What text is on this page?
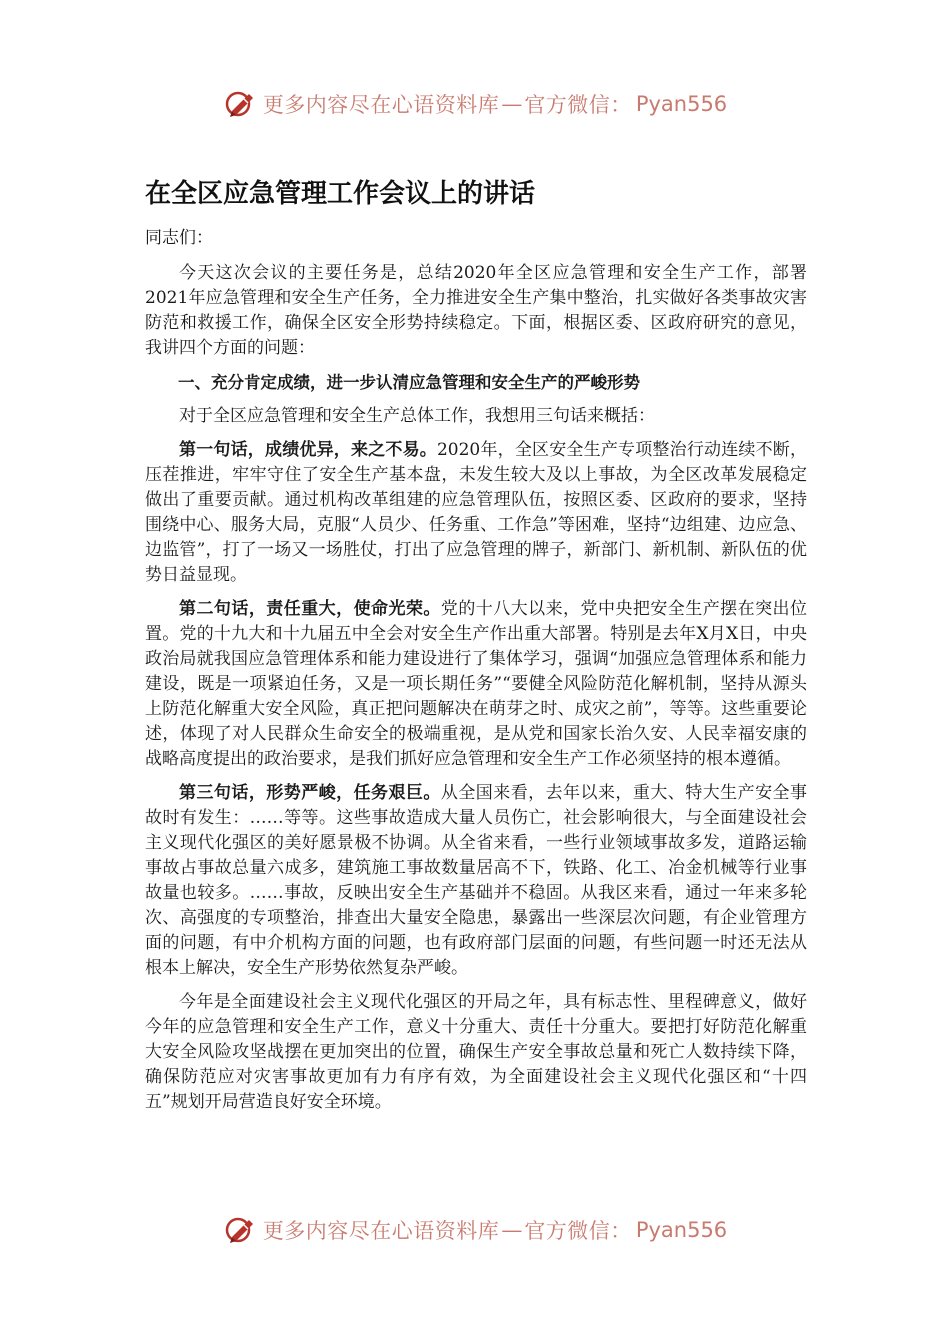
更多内容尽在心语资料库 — 官方微信： Pyan556
在全区应急管理工作会议上的讲话

同志们：

今天这次会议的主要任务是，总结2020年全区应急管理和安全生产工作，部署2021年应急管理和安全生产任务，全力推进安全生产集中整治，扎实做好各类事故灾害防范和救援工作，确保全区安全形势持续稳定。下面，根据区委、区政府研究的意见，我讲四个方面的问题：

一、充分肯定成绩，进一步认清应急管理和安全生产的严峻形势

对于全区应急管理和安全生产总体工作，我想用三句话来概括：

第一句话，成绩优异，来之不易。2020年，全区安全生产专项整治行动连续不断，压茬推进，牢牢守住了安全生产基本盘，未发生较大及以上事故，为全区改革发展稳定做出了重要贡献。通过机构改革组建的应急管理队伍，按照区委、区政府的要求，坚持围绕中心、服务大局，克服“人员少、任务重、工作急”等困难，坚持“边组建、边应急、边监管”，打了一场又一场胜仗，打出了应急管理的牌子，新部门、新机制、新队伍的优势日益显现。

第二句话，责任重大，使命光荣。党的十八大以来，党中央把安全生产摆在突出位置。党的十九大和十九届五中全会对安全生产作出重大部署。特别是去年X月X日，中央政治局就我国应急管理体系和能力建设进行了集体学习，强调“加强应急管理体系和能力建设，既是一项紧迫任务，又是一项长期任务”“要健全风险防范化解机制，坚持从源头上防范化解重大安全风险，真正把问题解决在萌芽之时、成灾之前”，等等。这些重要论述，体现了对人民群众生命安全的极端重视，是从党和国家长治久安、人民幸福安康的战略高度提出的政治要求，是我们抓好应急管理和安全生产工作必须坚持的根本遵循。

第三句话，形势严峻，任务艰巨。从全国来看，去年以来，重大、特大生产安全事故时有发生：……等等。这些事故造成大量人员伤亡，社会影响很大，与全面建设社会主义现代化强区的美好愿景极不协调。从全省来看，一些行业领域事故多发，道路运输事故占事故总量六成多，建筑施工事故数量居高不下，铁路、化工、冶金机械等行业事故量也较多。……事故，反映出安全生产基础并不稳固。从我区来看，通过一年来多轮次、高强度的专项整治，排查出大量安全隐患，暴露出一些深层次问题，有企业管理方面的问题，有中介机构方面的问题，也有政府部门层面的问题，有些问题一时还无法从根本上解决，安全生产形势依然复杂严峻。

今年是全面建设社会主义现代化强区的开局之年，具有标志性、里程碑意义，做好今年的应急管理和安全生产工作，意义十分重大、责任十分重大。要把打好防范化解重大安全风险攻坚战摆在更加突出的位置，确保生产安全事故总量和死亡人数持续下降，确保防范应对灾害事故更加有力有序有效，为全面建设社会主义现代化强区和“十四五”规划开局营造良好安全环境。

更多内容尽在心语资料库 — 官方微信： Pyan556
